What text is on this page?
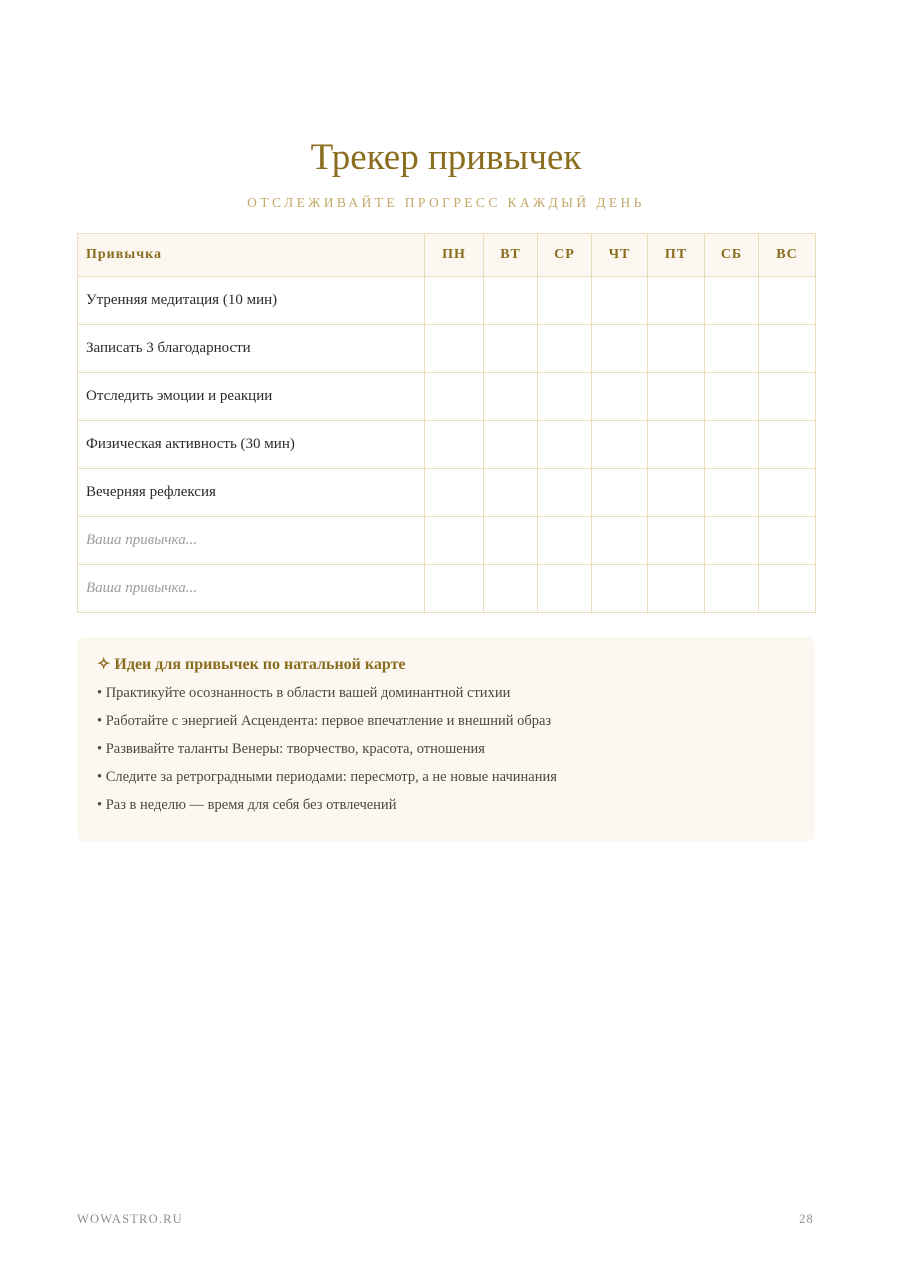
Трекер привычек

ОТСЛЕЖИВАЙТЕ ПРОГРЕСС КАЖДЫЙ ДЕНЬ

Привычка	ПН	ВТ	СР	ЧТ	ПТ	СБ	ВС
Утренняя медитация (10 мин)							
Записать 3 благодарности							
Отследить эмоции и реакции							
Физическая активность (30 мин)							
Вечерняя рефлексия							
Ваша привычка...							
Ваша привычка...							
✧ Идеи для привычек по натальной карте
• Практикуйте осознанность в области вашей доминантной стихии
• Работайте с энергией Асцендента: первое впечатление и внешний образ
• Развивайте таланты Венеры: творчество, красота, отношения
• Следите за ретроградными периодами: пересмотр, а не новые начинания
• Раз в неделю — время для себя без отвлечений
WOWASTRO.RU	28
